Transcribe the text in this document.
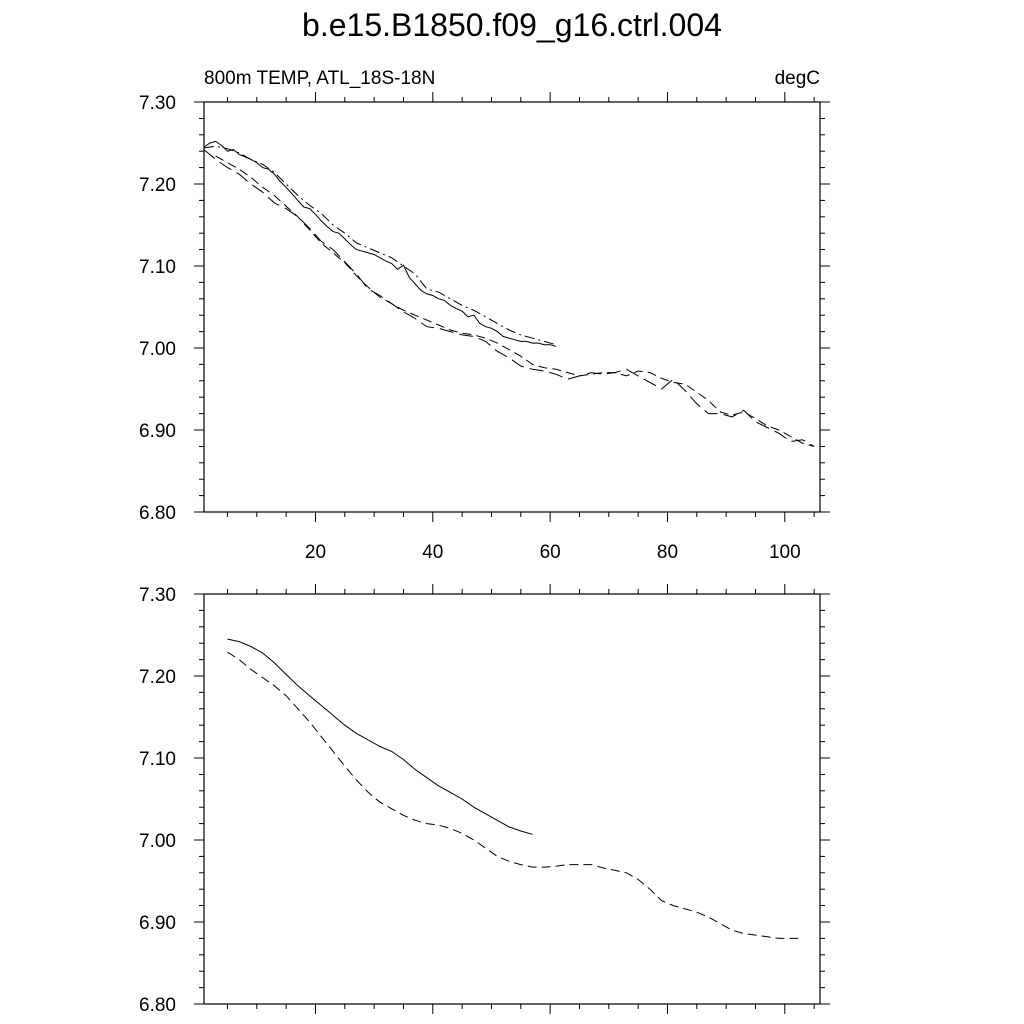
b.e15.B1850.f09_g16.ctrl.004
800m TEMP, ATL_18S-18N	degC
6.80
6.90
7.00
7.10
7.20
7.30
20	40	60	80	100
6.80
6.90
7.00
7.10
7.20
7.30
